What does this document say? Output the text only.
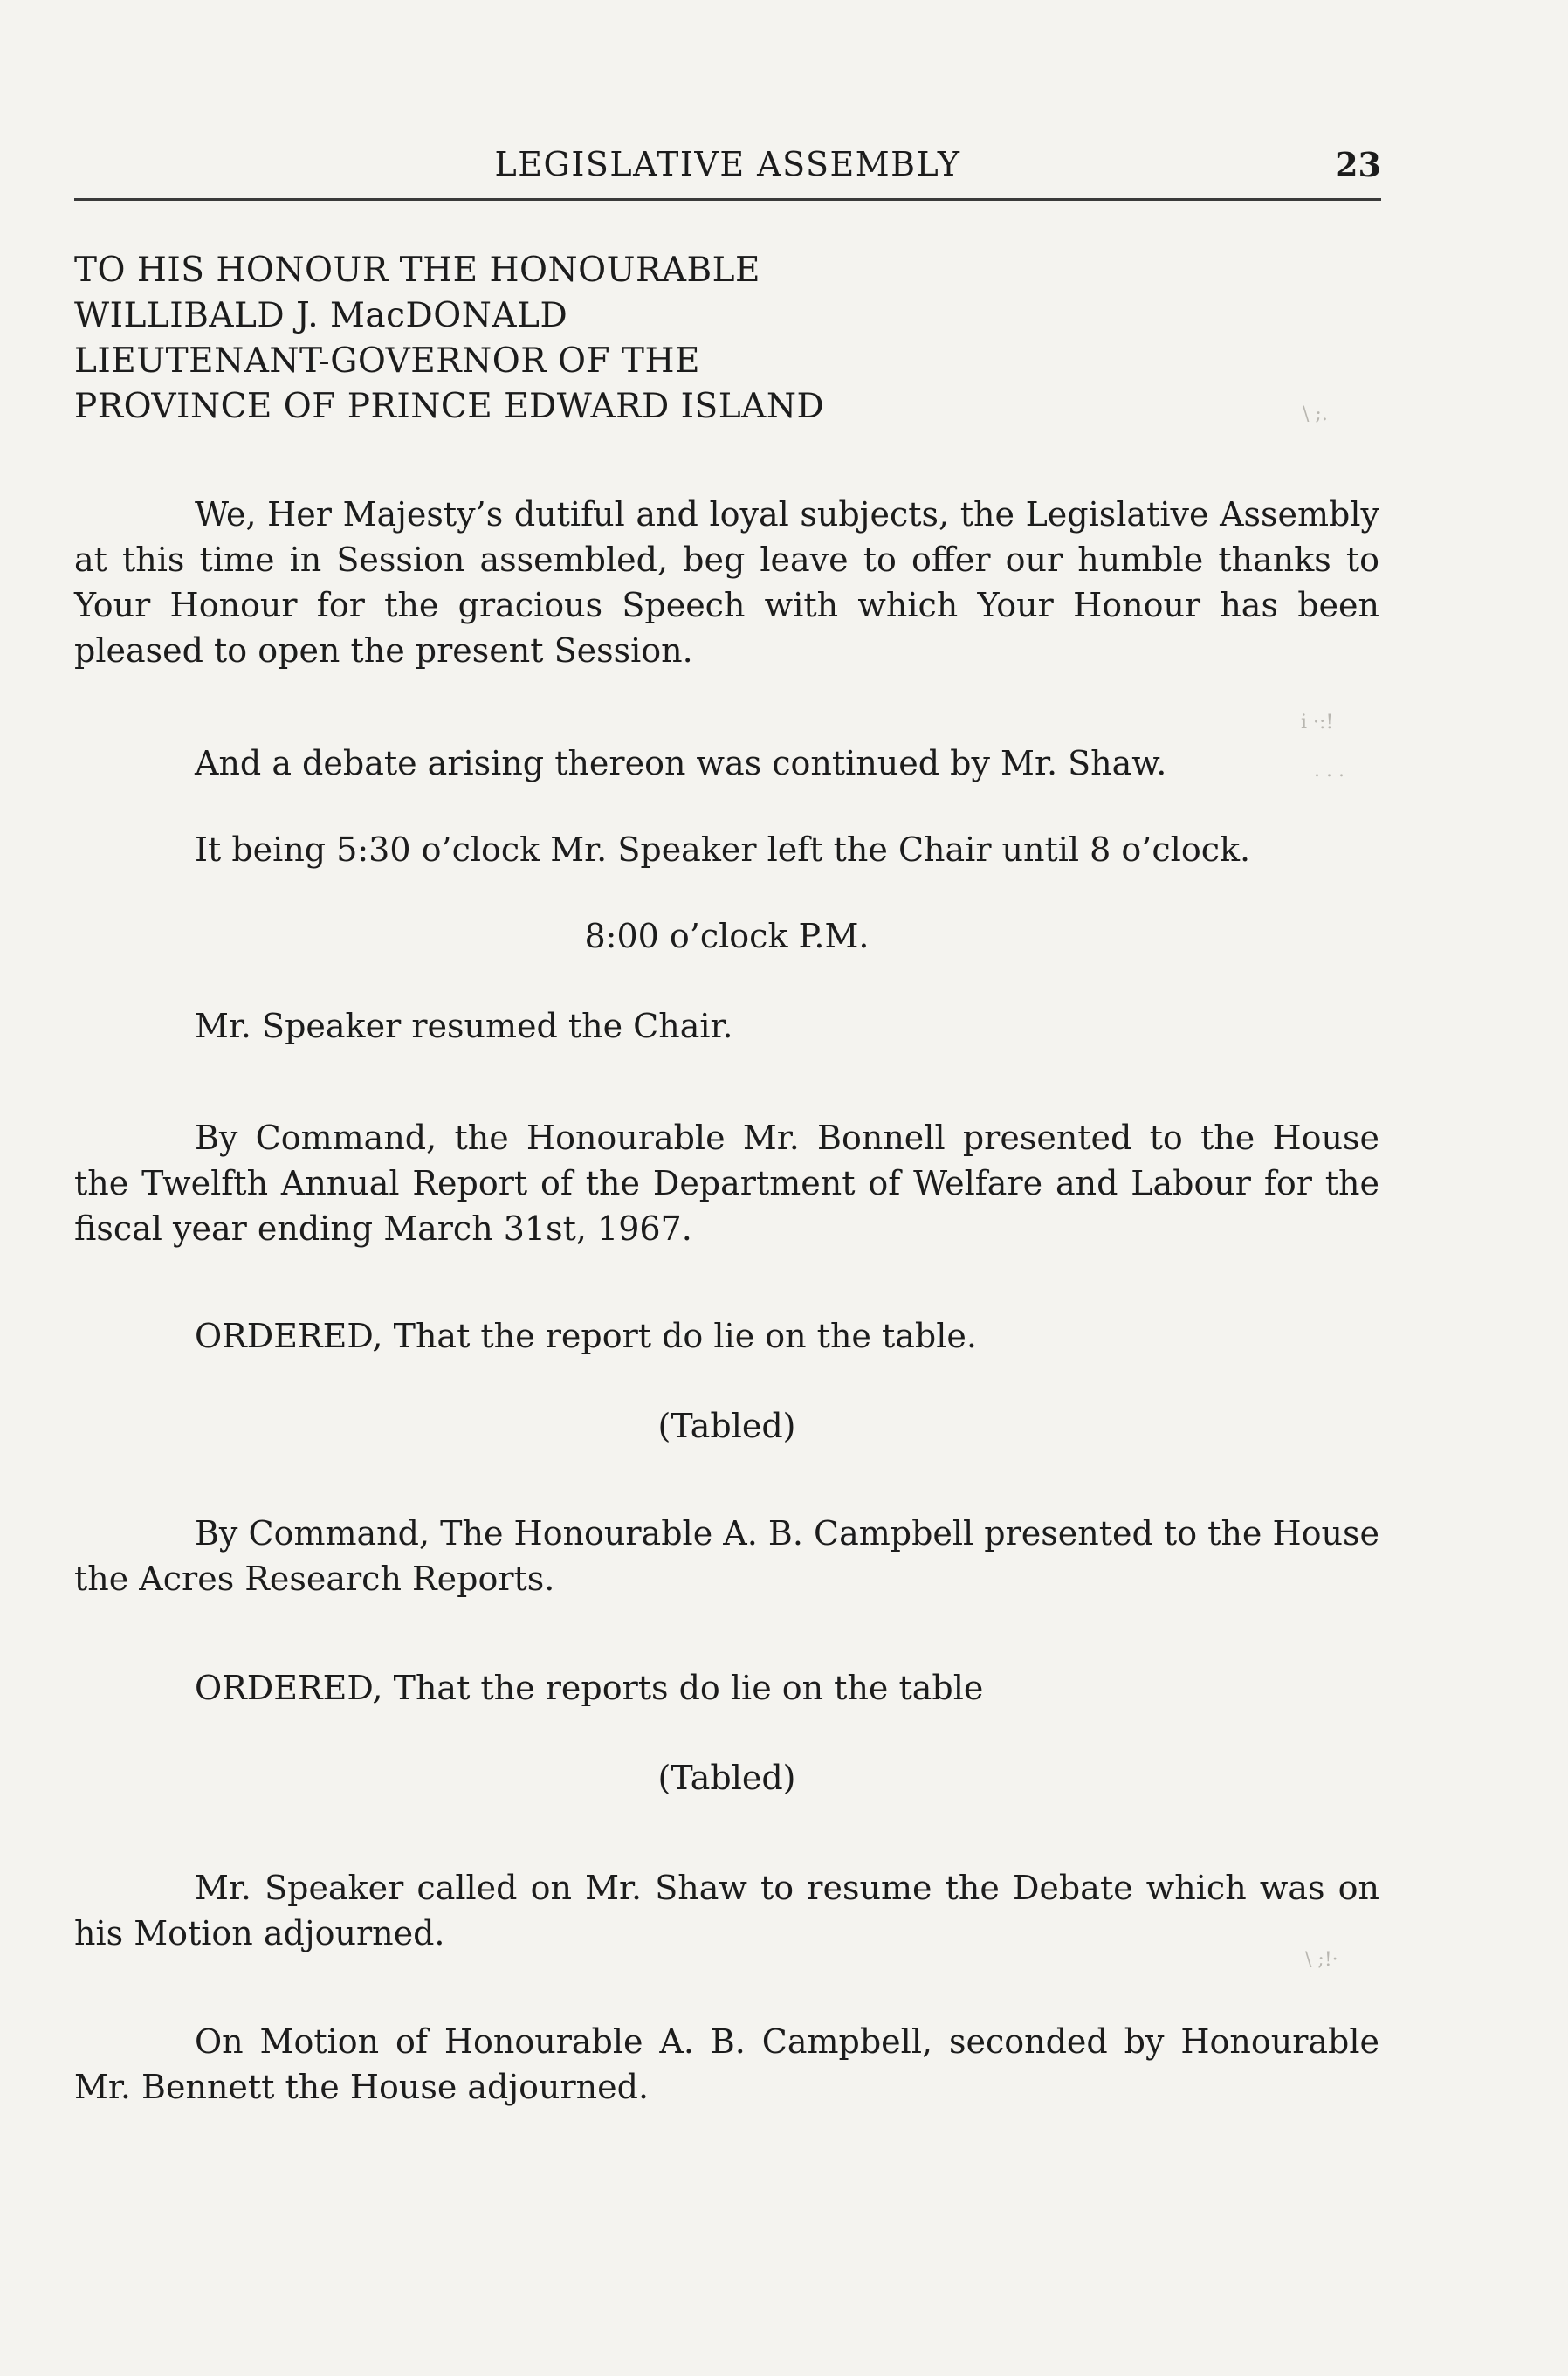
LEGISLATIVE ASSEMBLY	23
TO HIS HONOUR THE HONOURABLE
WILLIBALD J. MacDONALD
LIEUTENANT-GOVERNOR OF THE
PROVINCE OF PRINCE EDWARD ISLAND

We, Her Majesty’s dutiful and loyal subjects, the Legislative Assembly at this time in Session assembled, beg leave to offer our humble thanks to Your Honour for the gracious Speech with which Your Honour has been pleased to open the present Session.

And a debate arising thereon was continued by Mr. Shaw.

It being 5:30 o’clock Mr. Speaker left the Chair until 8 o’clock.

8:00 o’clock P.M.

Mr. Speaker resumed the Chair.

By Command, the Honourable Mr. Bonnell presented to the House the Twelfth Annual Report of the Department of Welfare and Labour for the fiscal year ending March 31st, 1967.

ORDERED, That the report do lie on the table.

(Tabled)

By Command, The Honourable A. B. Campbell presented to the House the Acres Research Reports.

ORDERED, That the reports do lie on the table

(Tabled)

Mr. Speaker called on Mr. Shaw to resume the Debate which was on his Motion adjourned.

On Motion of Honourable A. B. Campbell, seconded by Honourable Mr. Bennett the House adjourned.

\ ;.
i ·:!
. . .
\ ;!·
